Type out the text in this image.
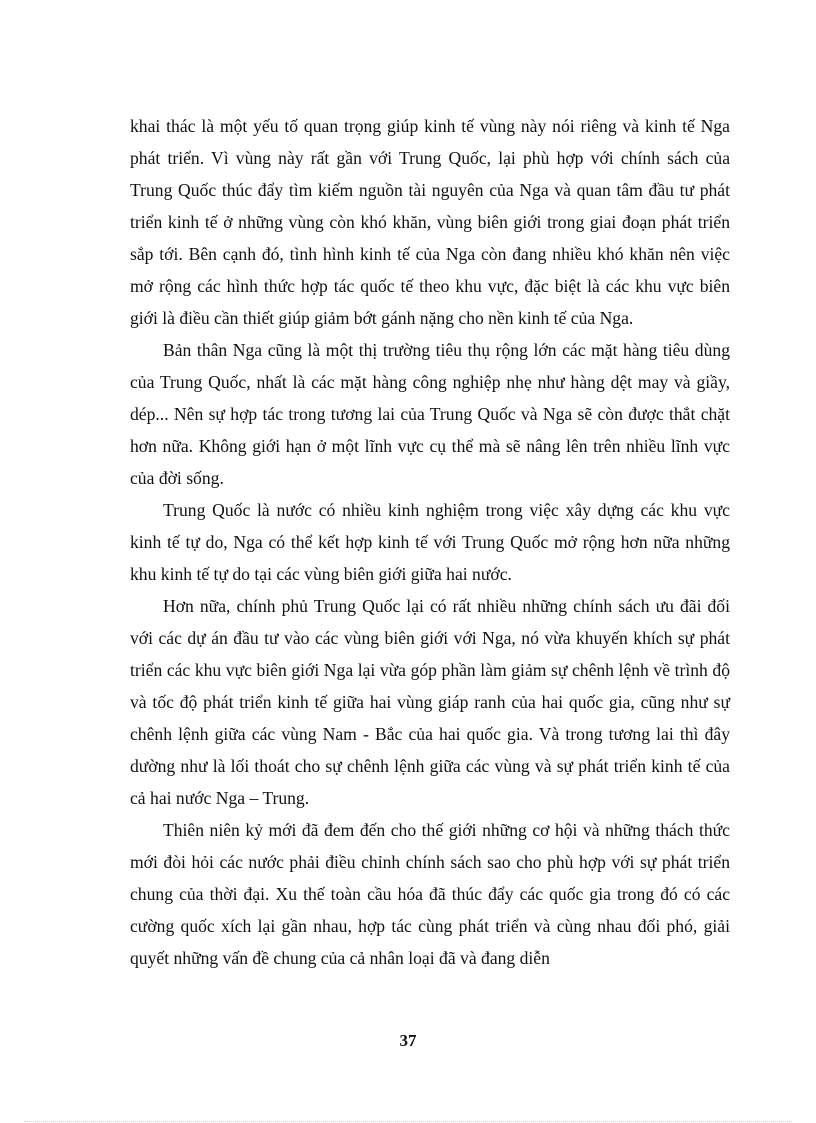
khai thác là một yếu tố quan trọng giúp kinh tế vùng này nói riêng và kinh tế Nga phát triển. Vì vùng này rất gần với Trung Quốc, lại phù hợp với chính sách của Trung Quốc thúc đẩy tìm kiếm nguồn tài nguyên của Nga và quan tâm đầu tư phát triển kinh tế ở những vùng còn khó khăn, vùng biên giới trong giai đoạn phát triển sắp tới. Bên cạnh đó, tình hình kinh tế của Nga còn đang nhiều khó khăn nên việc mở rộng các hình thức hợp tác quốc tế theo khu vực, đặc biệt là các khu vực biên giới là điều cần thiết giúp giảm bớt gánh nặng cho nền kinh tế của Nga.

Bản thân Nga cũng là một thị trường tiêu thụ rộng lớn các mặt hàng tiêu dùng của Trung Quốc, nhất là các mặt hàng công nghiệp nhẹ như hàng dệt may và giầy, dép... Nên sự hợp tác trong tương lai của Trung Quốc và Nga sẽ còn được thắt chặt hơn nữa. Không giới hạn ở một lĩnh vực cụ thể mà sẽ nâng lên trên nhiều lĩnh vực của đời sống.

Trung Quốc là nước có nhiều kinh nghiệm trong việc xây dựng các khu vực kinh tế tự do, Nga có thể kết hợp kinh tế với Trung Quốc mở rộng hơn nữa những khu kinh tế tự do tại các vùng biên giới giữa hai nước.

Hơn nữa, chính phủ Trung Quốc lại có rất nhiều những chính sách ưu đãi đối với các dự án đầu tư vào các vùng biên giới với Nga, nó vừa khuyến khích sự phát triển các khu vực biên giới Nga lại vừa góp phần làm giảm sự chênh lệnh về trình độ và tốc độ phát triển kinh tế giữa hai vùng giáp ranh của hai quốc gia, cũng như sự chênh lệnh giữa các vùng Nam - Bắc của hai quốc gia. Và trong tương lai thì đây dường như là lối thoát cho sự chênh lệnh giữa các vùng và sự phát triển kinh tế của cả hai nước Nga – Trung.

Thiên niên kỷ mới đã đem đến cho thế giới những cơ hội và những thách thức mới đòi hỏi các nước phải điều chỉnh chính sách sao cho phù hợp với sự phát triển chung của thời đại. Xu thế toàn cầu hóa đã thúc đẩy các quốc gia trong đó có các cường quốc xích lại gần nhau, hợp tác cùng phát triển và cùng nhau đối phó, giải quyết những vấn đề chung của cả nhân loại đã và đang diễn

37
